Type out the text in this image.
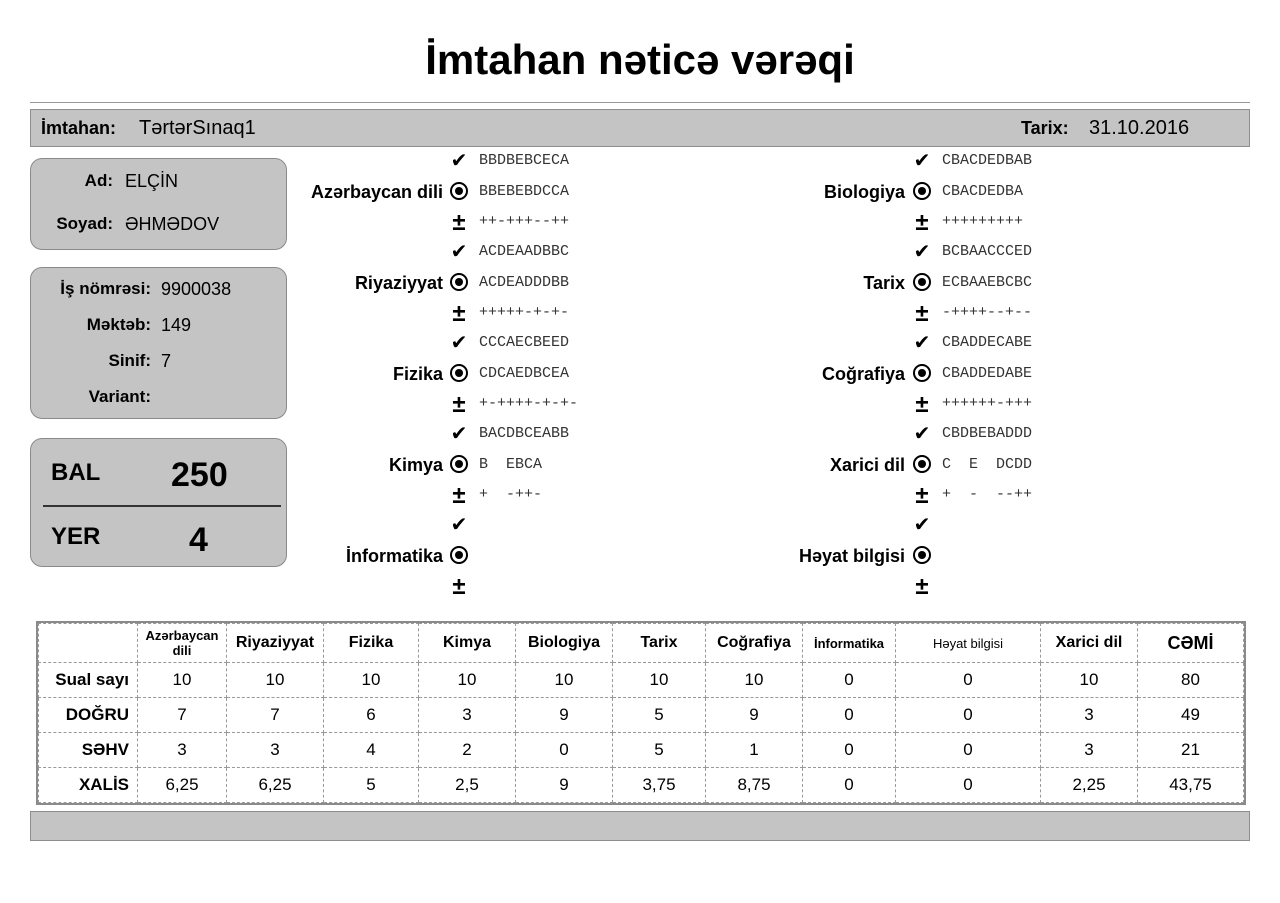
İmtahan nəticə vərəqi
İmtahan: TərtərSınaq1	Tarix: 31.10.2016
Ad: ELÇİN
Soyad: ƏHMƏDOV
İş nömrəsi: 9900038
Məktəb: 149
Sinif: 7
Variant:
BAL 250
YER	4
✔
±
Azərbaycan dili
BBDBEBCECA
BBEBEBDCCA
++-+++--++
✔
±
Riyaziyyat
ACDEAADBBC
ACDEADDDBB
+++++-+-+-
✔
±
Fizika
CCCAECBEED
CDCAEDBCEA
+-++++-+-+-
✔
±
Kimya
BACDBCEABB
B  EBCA
+  -++-
✔
±
İnformatika
✔
±
Biologiya
CBACDEDBAB
CBACDEDBA
+++++++++
✔
±
Tarix
BCBAACCCED
ECBAAEBCBC
-++++--+--
✔
±
Coğrafiya
CBADDECABE
CBADDEDABE
++++++-+++
✔
±
Xarici dil
CBDBEBADDD
C  E  DCDD
+  -  --++
✔
±
Həyat bilgisi
	Azərbaycan dili	Riyaziyyat	Fizika	Kimya	Biologiya	Tarix	Coğrafiya	İnformatika	Həyat bilgisi	Xarici dil	CƏMİ
Sual sayı	10	10	10	10	10	10	10	0	0	10	80
DOĞRU	7	7	6	3	9	5	9	0	0	3	49
SƏHV	3	3	4	2	0	5	1	0	0	3	21
XALİS	6,25	6,25	5	2,5	9	3,75	8,75	0	0	2,25	43,75
